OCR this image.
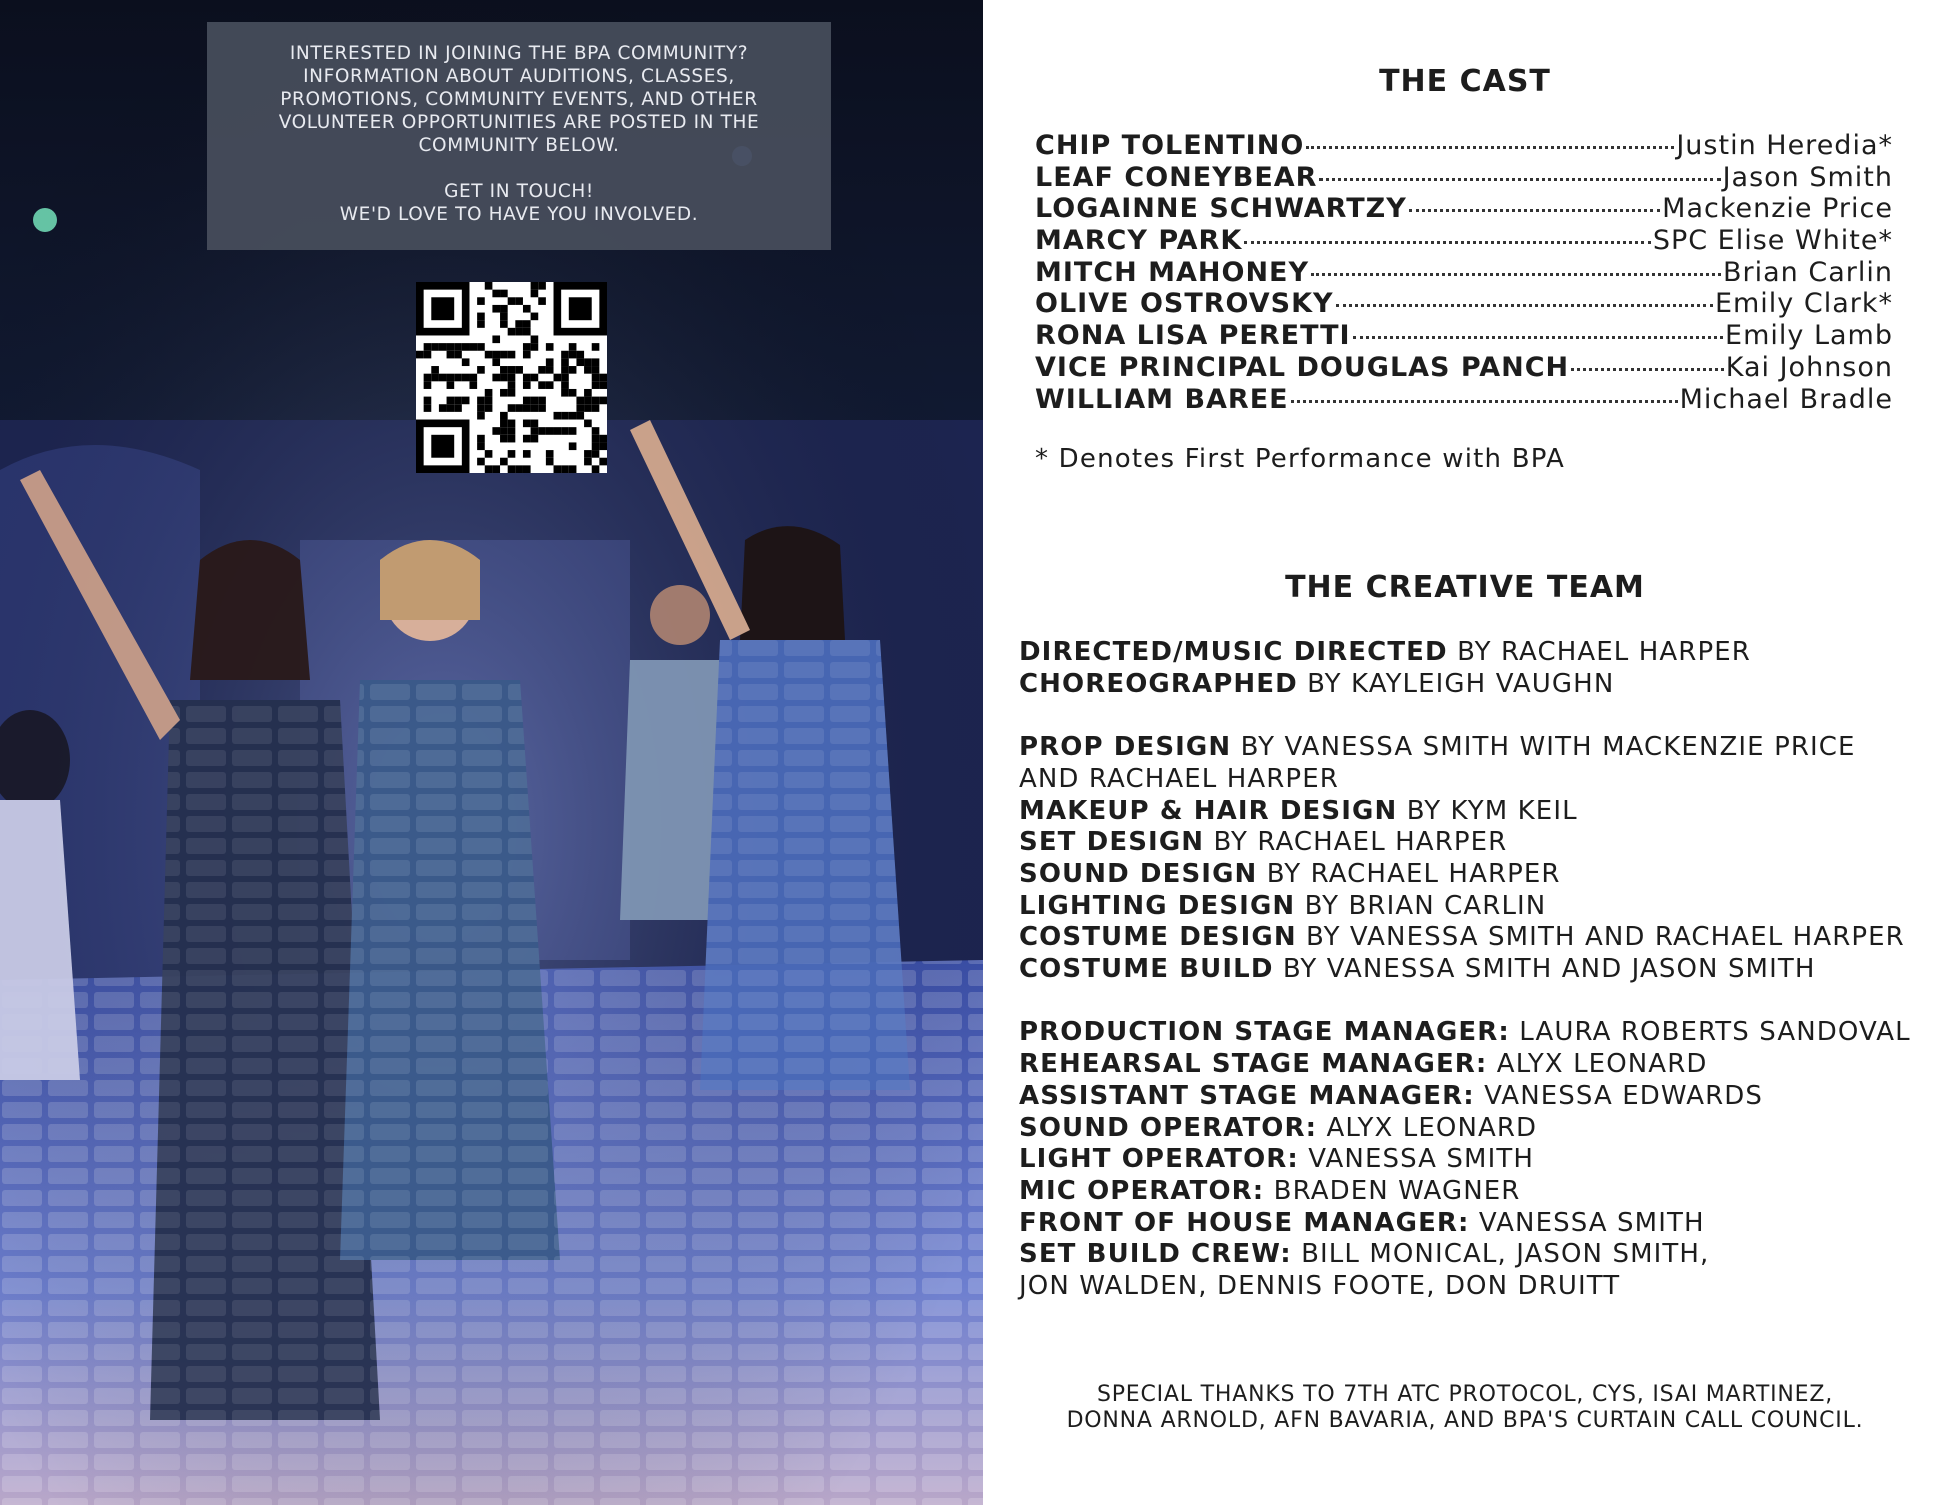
INTERESTED IN JOINING THE BPA COMMUNITY?

INFORMATION ABOUT AUDITIONS, CLASSES,

PROMOTIONS, COMMUNITY EVENTS, AND OTHER

VOLUNTEER OPPORTUNITIES ARE POSTED IN THE

COMMUNITY BELOW.

GET IN TOUCH!

WE'D LOVE TO HAVE YOU INVOLVED.

THE CAST
CHIP TOLENTINO	Justin Heredia*
LEAF CONEYBEAR	Jason Smith
LOGAINNE SCHWARTZY	Mackenzie Price
MARCY PARK	SPC Elise White*
MITCH MAHONEY	Brian Carlin
OLIVE OSTROVSKY	Emily Clark*
RONA LISA PERETTI	Emily Lamb
VICE PRINCIPAL DOUGLAS PANCH	Kai Johnson
WILLIAM BAREE	Michael Bradle
* Denotes First Performance with BPA
THE CREATIVE TEAM
DIRECTED/MUSIC DIRECTED BY RACHAEL HARPER
CHOREOGRAPHED BY KAYLEIGH VAUGHN
PROP DESIGN BY VANESSA SMITH WITH MACKENZIE PRICE
AND RACHAEL HARPER
MAKEUP & HAIR DESIGN BY KYM KEIL
SET DESIGN BY RACHAEL HARPER
SOUND DESIGN BY RACHAEL HARPER
LIGHTING DESIGN BY BRIAN CARLIN
COSTUME DESIGN BY VANESSA SMITH AND RACHAEL HARPER
COSTUME BUILD BY VANESSA SMITH AND JASON SMITH
PRODUCTION STAGE MANAGER: LAURA ROBERTS SANDOVAL
REHEARSAL STAGE MANAGER: ALYX LEONARD
ASSISTANT STAGE MANAGER: VANESSA EDWARDS
SOUND OPERATOR: ALYX LEONARD
LIGHT OPERATOR: VANESSA SMITH
MIC OPERATOR: BRADEN WAGNER
FRONT OF HOUSE MANAGER: VANESSA SMITH
SET BUILD CREW: BILL MONICAL, JASON SMITH,
JON WALDEN, DENNIS FOOTE, DON DRUITT

SPECIAL THANKS TO 7TH ATC PROTOCOL, CYS, ISAI MARTINEZ,

DONNA ARNOLD, AFN BAVARIA, AND BPA'S CURTAIN CALL COUNCIL.
